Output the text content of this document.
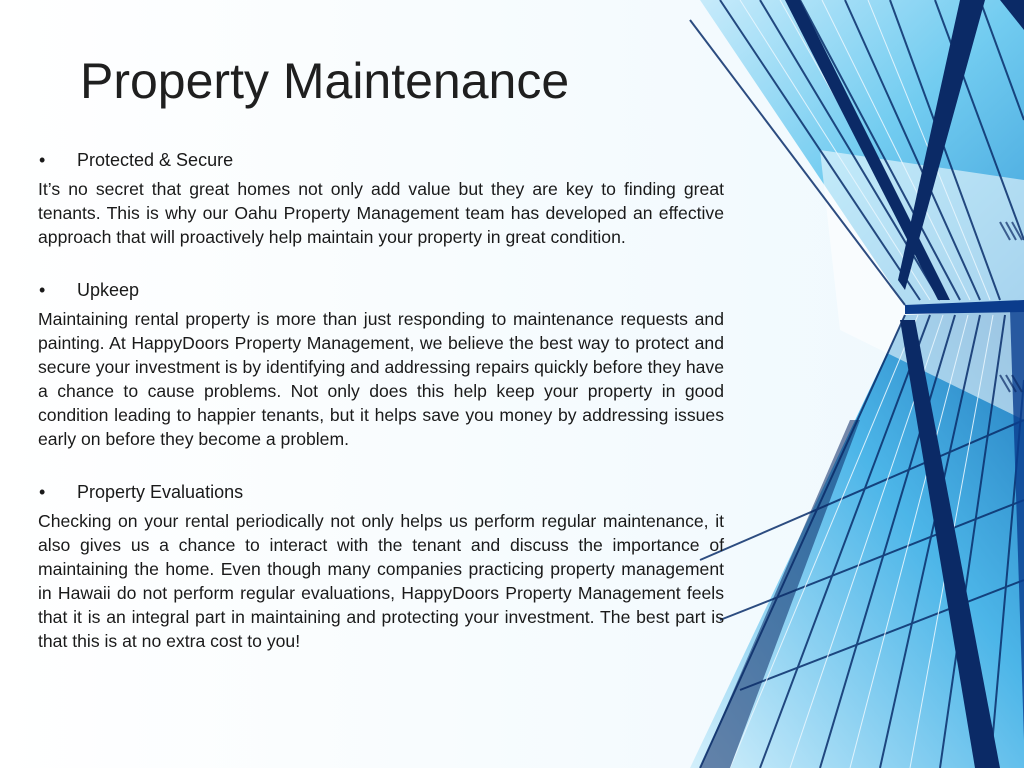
Property Maintenance
• Protected & Secure

It’s no secret that great homes not only add value but they are key to finding great tenants. This is why our Oahu Property Management team has developed an effective approach that will proactively help maintain your property in great condition.

• Upkeep

Maintaining rental property is more than just responding to maintenance requests and painting. At HappyDoors Property Management, we believe the best way to protect and secure your investment is by identifying and addressing repairs quickly before they have a chance to cause problems. Not only does this help keep your property in good condition leading to happier tenants, but it helps save you money by addressing issues early on before they become a problem.

• Property Evaluations

Checking on your rental periodically not only helps us perform regular maintenance, it also gives us a chance to interact with the tenant and discuss the importance of maintaining the home. Even though many companies practicing property management in Hawaii do not perform regular evaluations, HappyDoors Property Management feels that it is an integral part in maintaining and protecting your investment. The best part is that this is at no extra cost to you!
